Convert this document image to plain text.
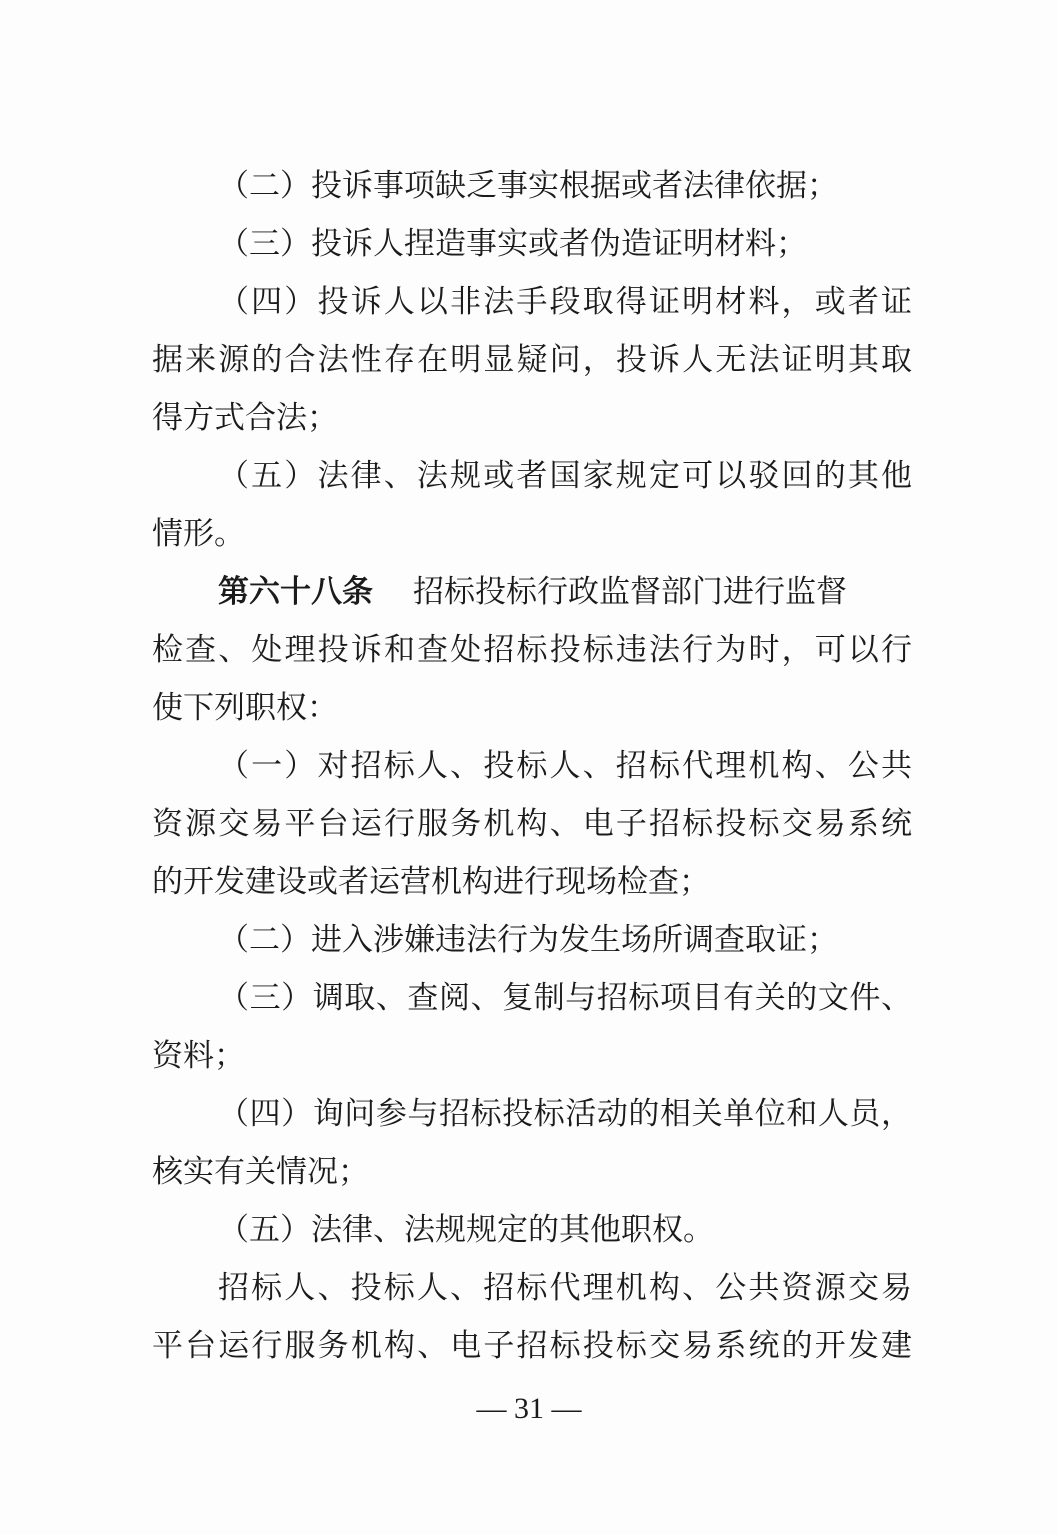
（二）投诉事项缺乏事实根据或者法律依据；
（三）投诉人捏造事实或者伪造证明材料；
（四）投诉人以非法手段取得证明材料，或者证
据来源的合法性存在明显疑问，投诉人无法证明其取
得方式合法；
（五）法律、法规或者国家规定可以驳回的其他
情形。
第六十八条 招标投标行政监督部门进行监督
检查、处理投诉和查处招标投标违法行为时，可以行
使下列职权：
（一）对招标人、投标人、招标代理机构、公共
资源交易平台运行服务机构、电子招标投标交易系统
的开发建设或者运营机构进行现场检查；
（二）进入涉嫌违法行为发生场所调查取证；
（三）调取、查阅、复制与招标项目有关的文件、
资料；
（四）询问参与招标投标活动的相关单位和人员，
核实有关情况；
（五）法律、法规规定的其他职权。
招标人、投标人、招标代理机构、公共资源交易
平台运行服务机构、电子招标投标交易系统的开发建
— 31 —
